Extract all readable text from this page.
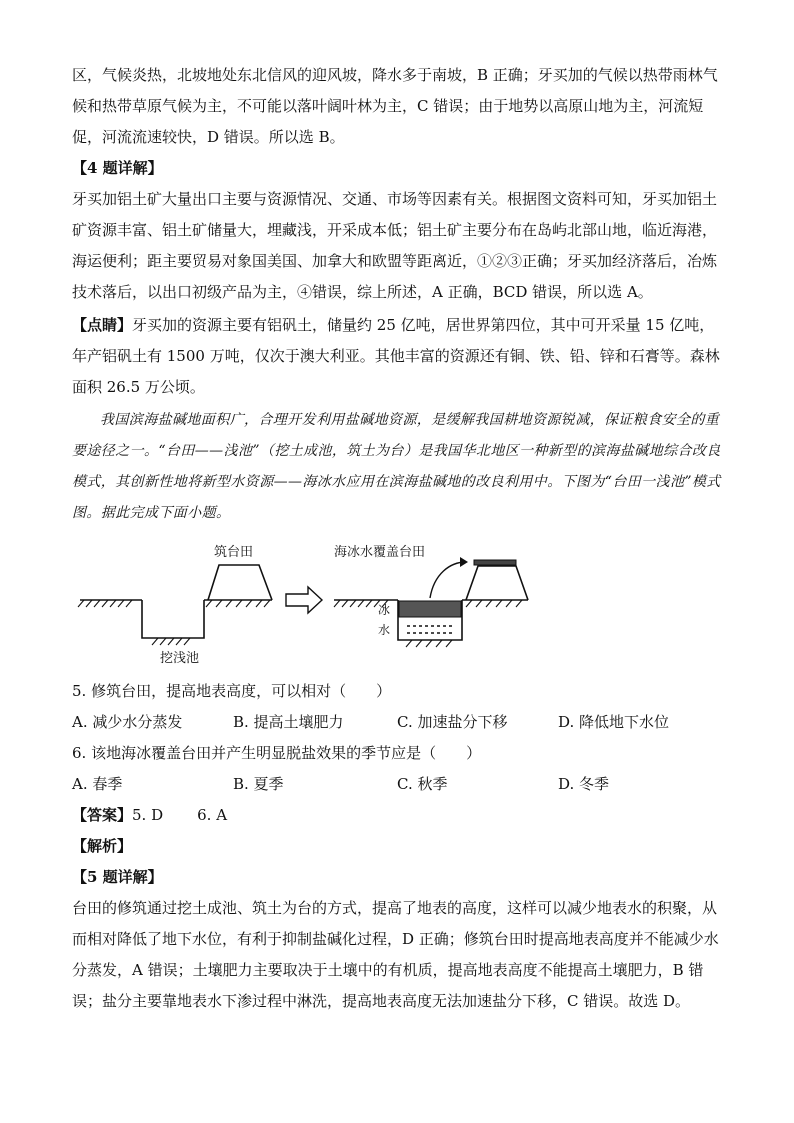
区，气候炎热，北坡地处东北信风的迎风坡，降水多于南坡，B 正确；牙买加的气候以热带雨林气候和热带草原气候为主，不可能以落叶阔叶林为主，C 错误；由于地势以高原山地为主，河流短促，河流流速较快，D 错误。所以选 B。

【4 题详解】

牙买加铝土矿大量出口主要与资源情况、交通、市场等因素有关。根据图文资料可知，牙买加铝土矿资源丰富、铝土矿储量大，埋藏浅，开采成本低；铝土矿主要分布在岛屿北部山地，临近海港，海运便利；距主要贸易对象国美国、加拿大和欧盟等距离近，①②③正确；牙买加经济落后，冶炼技术落后，以出口初级产品为主，④错误，综上所述，A 正确，BCD 错误，所以选 A。

【点睛】牙买加的资源主要有铝矾土，储量约 25 亿吨，居世界第四位，其中可开采量 15 亿吨，年产铝矾土有 1500 万吨，仅次于澳大利亚。其他丰富的资源还有铜、铁、铅、锌和石膏等。森林面积 26.5 万公顷。

我国滨海盐碱地面积广，合理开发利用盐碱地资源，是缓解我国耕地资源锐减，保证粮食安全的重要途径之一。“台田——浅池”（挖土成池，筑土为台）是我国华北地区一种新型的滨海盐碱地综合改良模式，其创新性地将新型水资源——海冰水应用在滨海盐碱地的改良利用中。下图为“台田一浅池”模式图。据此完成下面小题。

筑台田
挖浅池
海冰水覆盖台田
冰
水

5. 修筑台田，提高地表高度，可以相对（　　）

A. 减少水分蒸发	B. 提高土壤肥力	C. 加速盐分下移	D. 降低地下水位

6. 该地海冰覆盖台田并产生明显脱盐效果的季节应是（　　）

A. 春季	B. 夏季	C. 秋季	D. 冬季

【答案】5. D 6. A

【解析】

【5 题详解】

台田的修筑通过挖土成池、筑土为台的方式，提高了地表的高度，这样可以减少地表水的积聚，从而相对降低了地下水位，有利于抑制盐碱化过程，D 正确；修筑台田时提高地表高度并不能减少水分蒸发，A 错误；土壤肥力主要取决于土壤中的有机质，提高地表高度不能提高土壤肥力，B 错误；盐分主要靠地表水下渗过程中淋洗，提高地表高度无法加速盐分下移，C 错误。故选 D。
